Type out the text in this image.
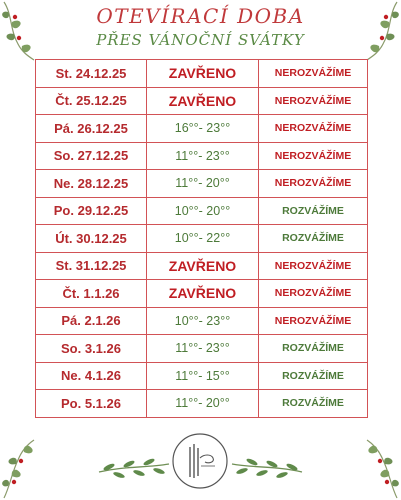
OTEVÍRACÍ DOBA
PŘES VÁNOČNÍ SVÁTKY
St. 24.12.25	ZAVŘENO	NEROZVÁŽÍME
Čt. 25.12.25	ZAVŘENO	NEROZVÁŽÍME
Pá. 26.12.25	16°°- 23°°	NEROZVÁŽÍME
So. 27.12.25	11°°- 23°°	NEROZVÁŽÍME
Ne. 28.12.25	11°°- 20°°	NEROZVÁŽÍME
Po. 29.12.25	10°°- 20°°	ROZVÁŽÍME
Út. 30.12.25	10°°- 22°°	ROZVÁŽÍME
St. 31.12.25	ZAVŘENO	NEROZVÁŽÍME
Čt. 1.1.26	ZAVŘENO	NEROZVÁŽÍME
Pá. 2.1.26	10°°- 23°°	NEROZVÁŽÍME
So. 3.1.26	11°°- 23°°	ROZVÁŽÍME
Ne. 4.1.26	11°°- 15°°	ROZVÁŽÍME
Po. 5.1.26	11°°- 20°°	ROZVÁŽÍME
